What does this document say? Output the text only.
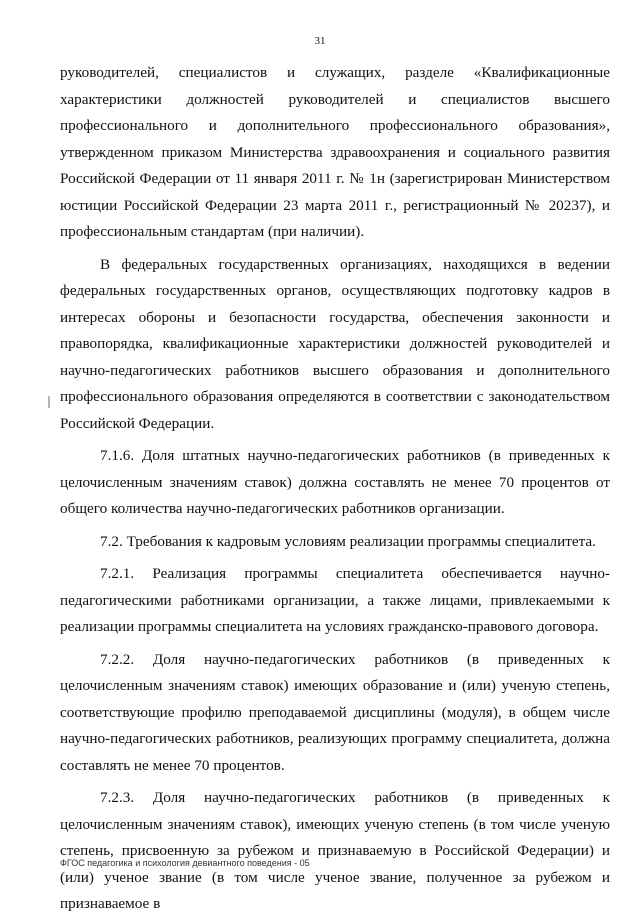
31

руководителей, специалистов и служащих, разделе «Квалификационные характеристики должностей руководителей и специалистов высшего профессионального и дополнительного профессионального образования», утвержденном приказом Министерства здравоохранения и социального развития Российской Федерации от 11 января 2011 г. № 1н (зарегистрирован Министерством юстиции Российской Федерации 23 марта 2011 г., регистрационный № 20237), и профессиональным стандартам (при наличии).

В федеральных государственных организациях, находящихся в ведении федеральных государственных органов, осуществляющих подготовку кадров в интересах обороны и безопасности государства, обеспечения законности и правопорядка, квалификационные характеристики должностей руководителей и научно-педагогических работников высшего образования и дополнительного профессионального образования определяются в соответствии с законодательством Российской Федерации.

7.1.6. Доля штатных научно-педагогических работников (в приведенных к целочисленным значениям ставок) должна составлять не менее 70 процентов от общего количества научно-педагогических работников организации.

7.2. Требования к кадровым условиям реализации программы специалитета.

7.2.1. Реализация программы специалитета обеспечивается научно-педагогическими работниками организации, а также лицами, привлекаемыми к реализации программы специалитета на условиях гражданско-правового договора.

7.2.2. Доля научно-педагогических работников (в приведенных к целочисленным значениям ставок) имеющих образование и (или) ученую степень, соответствующие профилю преподаваемой дисциплины (модуля), в общем числе научно-педагогических работников, реализующих программу специалитета, должна составлять не менее 70 процентов.

7.2.3. Доля научно-педагогических работников (в приведенных к целочисленным значениям ставок), имеющих ученую степень (в том числе ученую степень, присвоенную за рубежом и признаваемую в Российской Федерации) и (или) ученое звание (в том числе ученое звание, полученное за рубежом и признаваемое в

ФГОС педагогика и психология девиантного поведения - 05
